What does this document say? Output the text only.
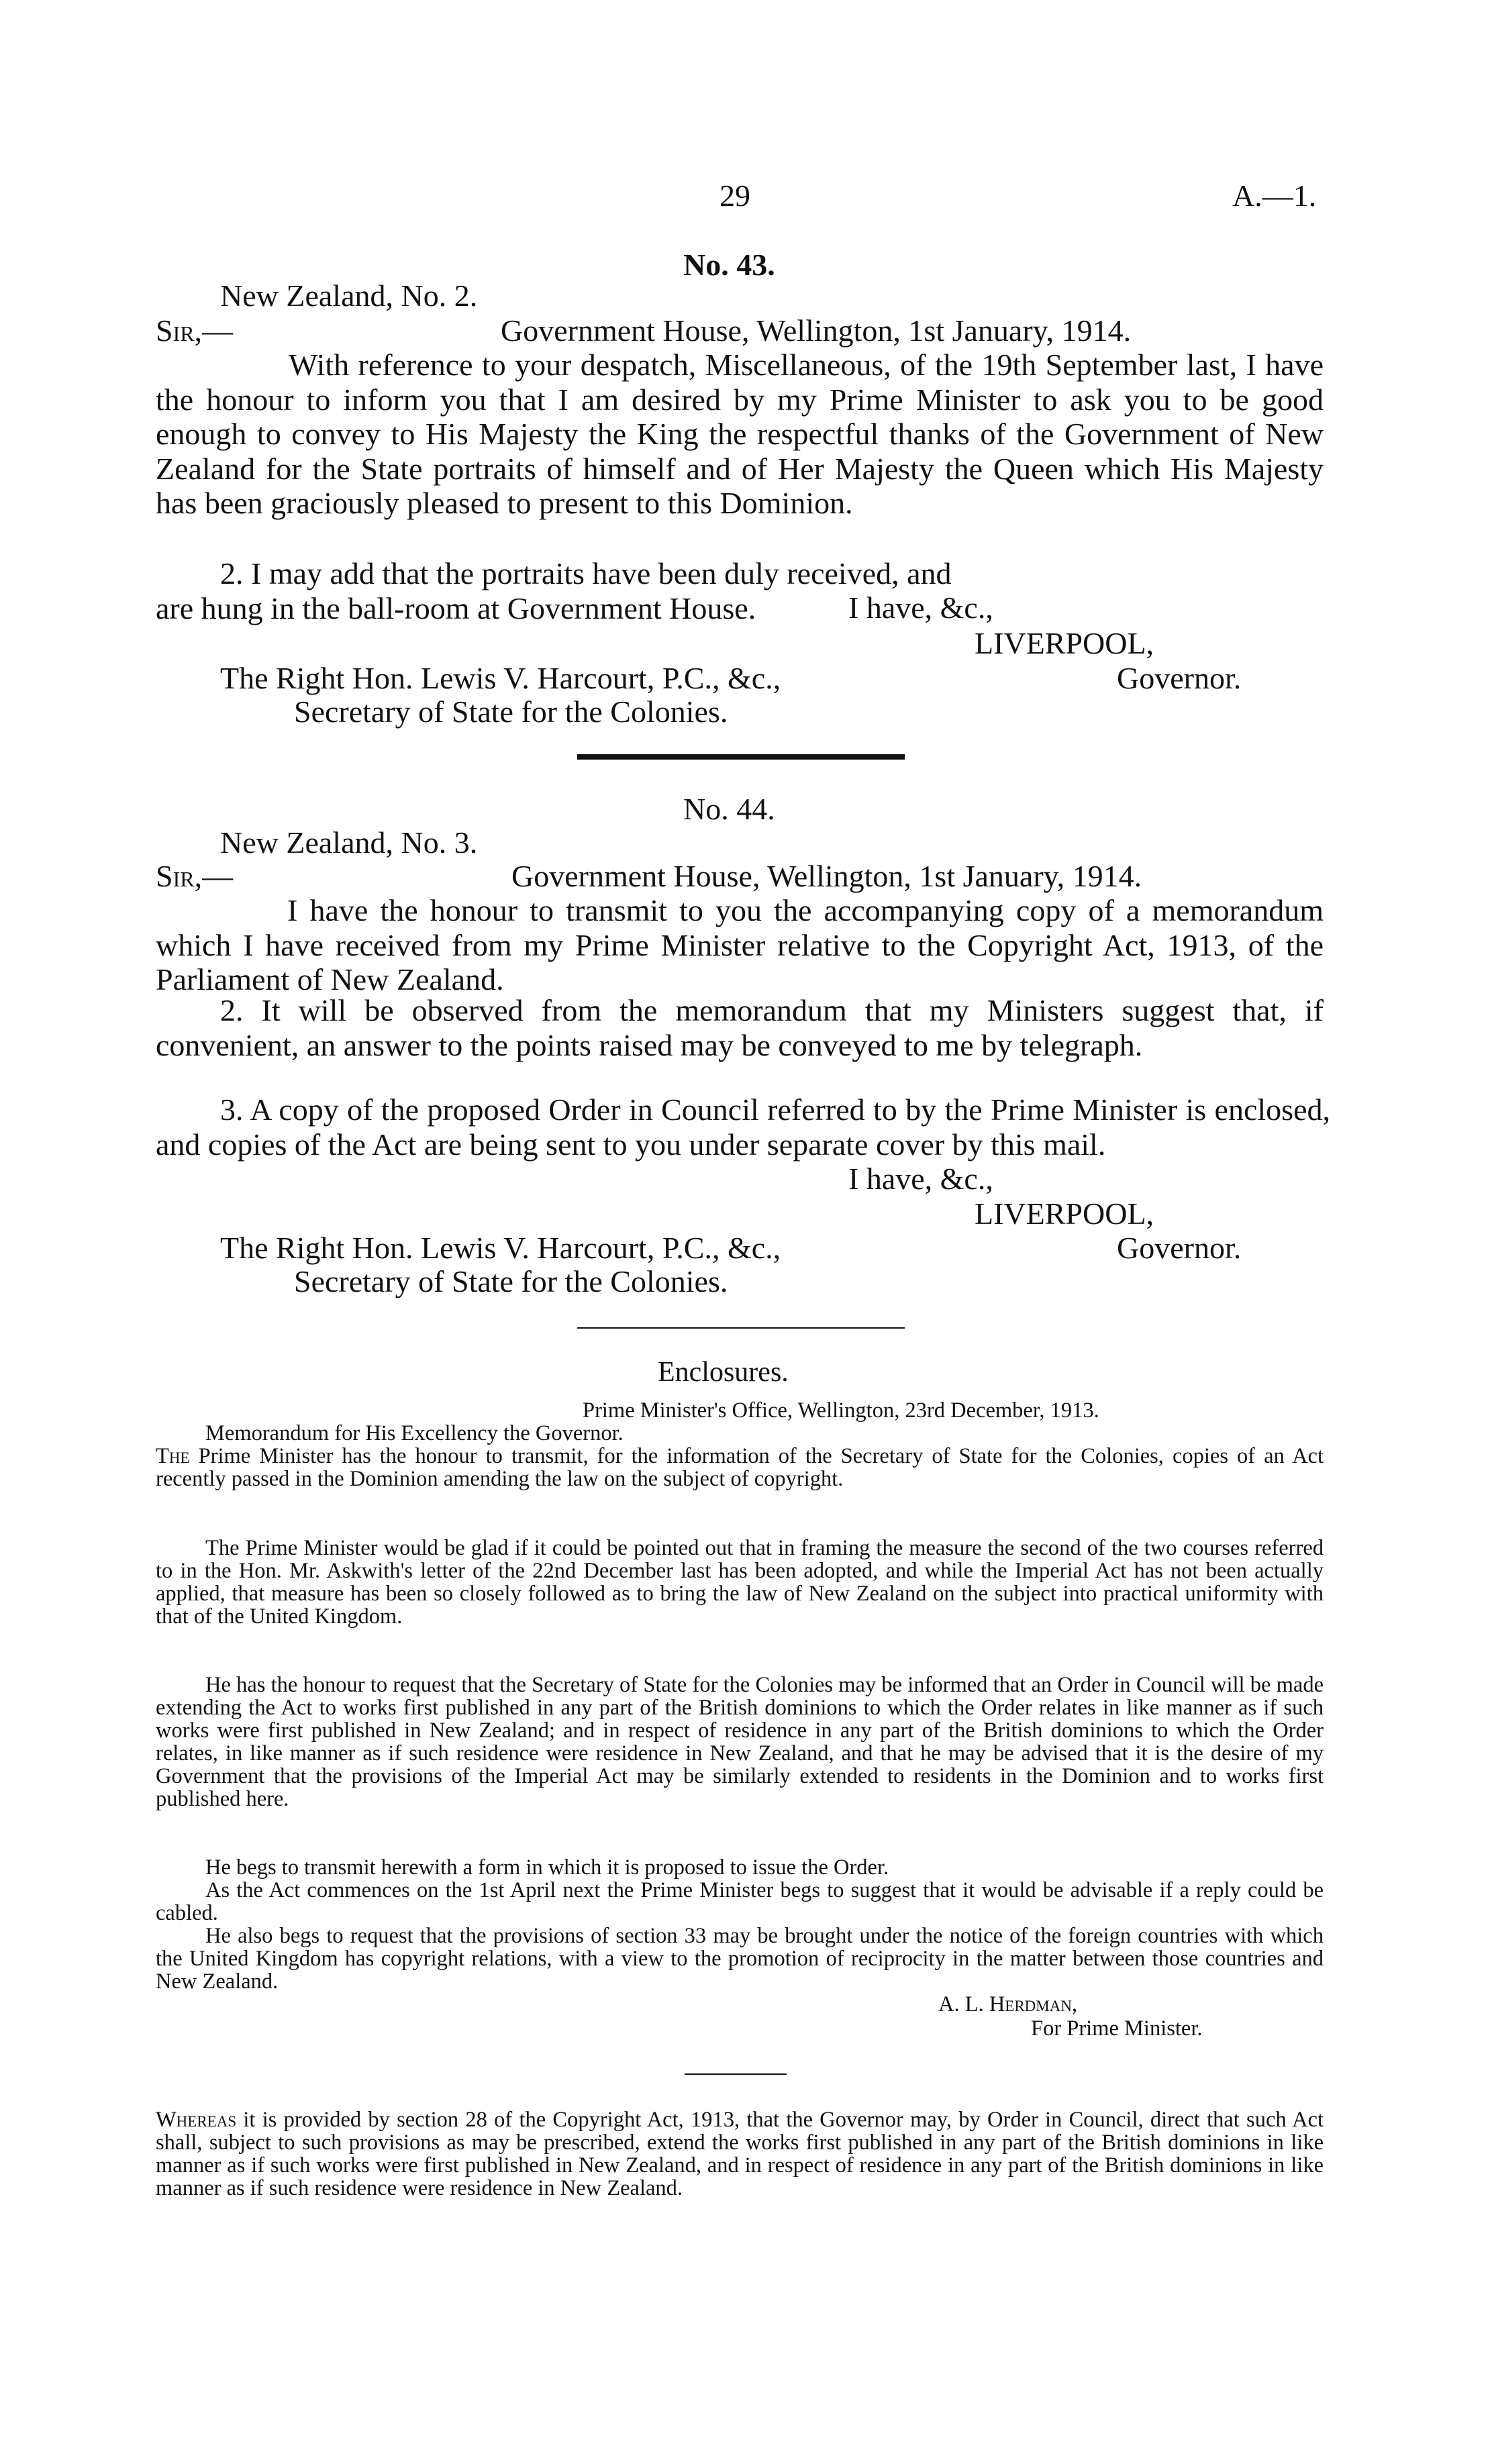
29	A.—1.
No. 43.
New Zealand, No. 2.
Sir,—	Government House, Wellington, 1st January, 1914.
With reference to your despatch, Miscellaneous, of the 19th September last, I have the honour to inform you that I am desired by my Prime Minister to ask you to be good enough to convey to His Majesty the King the respectful thanks of the Government of New Zealand for the State portraits of himself and of Her Majesty the Queen which His Majesty has been graciously pleased to present to this Dominion.
2. I may add that the portraits have been duly received, and are hung in the ball-room at Government House.	I have, &c.,
LIVERPOOL,
The Right Hon. Lewis V. Harcourt, P.C., &c.,	Governor.
Secretary of State for the Colonies.
No. 44.
New Zealand, No. 3.
Sir,—	Government House, Wellington, 1st January, 1914.
I have the honour to transmit to you the accompanying copy of a memorandum which I have received from my Prime Minister relative to the Copyright Act, 1913, of the Parliament of New Zealand.
2. It will be observed from the memorandum that my Ministers suggest that, if convenient, an answer to the points raised may be conveyed to me by telegraph.
3. A copy of the proposed Order in Council referred to by the Prime Minister is enclosed, and copies of the Act are being sent to you under separate cover by this mail.
I have, &c.,
LIVERPOOL,
The Right Hon. Lewis V. Harcourt, P.C., &c.,	Governor.
Secretary of State for the Colonies.
Enclosures.
Prime Minister's Office, Wellington, 23rd December, 1913.
Memorandum for His Excellency the Governor.
The Prime Minister has the honour to transmit, for the information of the Secretary of State for the Colonies, copies of an Act recently passed in the Dominion amending the law on the subject of copyright.
The Prime Minister would be glad if it could be pointed out that in framing the measure the second of the two courses referred to in the Hon. Mr. Askwith's letter of the 22nd December last has been adopted, and while the Imperial Act has not been actually applied, that measure has been so closely followed as to bring the law of New Zealand on the subject into practical uniformity with that of the United Kingdom.
He has the honour to request that the Secretary of State for the Colonies may be informed that an Order in Council will be made extending the Act to works first published in any part of the British dominions to which the Order relates in like manner as if such works were first published in New Zealand; and in respect of residence in any part of the British dominions to which the Order relates, in like manner as if such residence were residence in New Zealand, and that he may be advised that it is the desire of my Government that the provisions of the Imperial Act may be similarly extended to residents in the Dominion and to works first published here.
He begs to transmit herewith a form in which it is proposed to issue the Order.
As the Act commences on the 1st April next the Prime Minister begs to suggest that it would be advisable if a reply could be cabled.
He also begs to request that the provisions of section 33 may be brought under the notice of the foreign countries with which the United Kingdom has copyright relations, with a view to the promotion of reciprocity in the matter between those countries and New Zealand.
A. L. Herdman,
For Prime Minister.
Whereas it is provided by section 28 of the Copyright Act, 1913, that the Governor may, by Order in Council, direct that such Act shall, subject to such provisions as may be prescribed, extend the works first published in any part of the British dominions in like manner as if such works were first published in New Zealand, and in respect of residence in any part of the British dominions in like manner as if such residence were residence in New Zealand.
